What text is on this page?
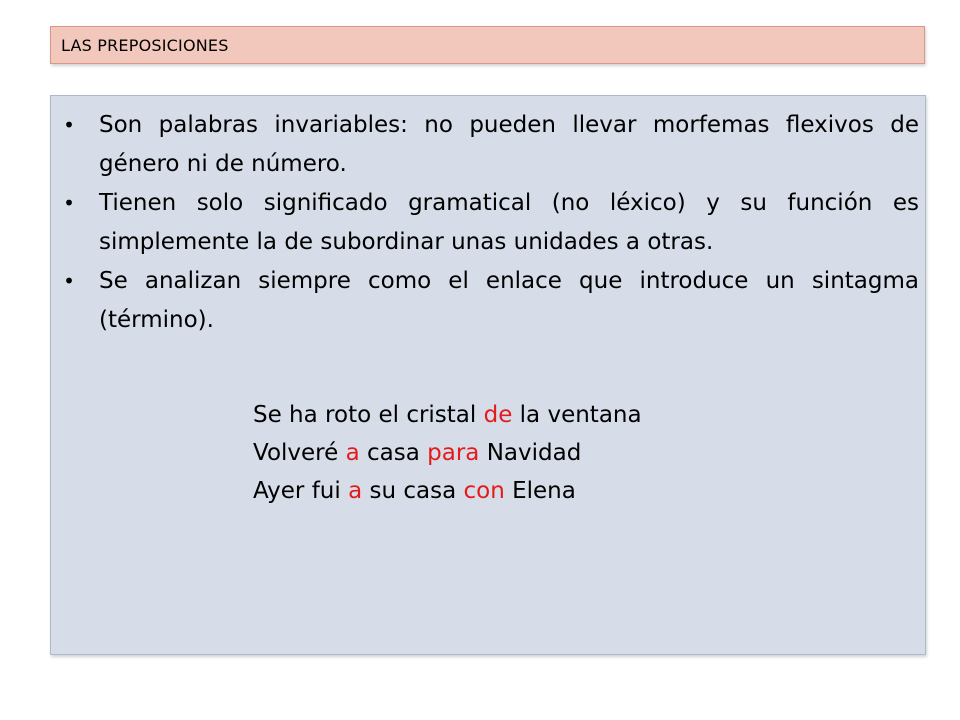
LAS PREPOSICIONES
• Son palabras invariables: no pueden llevar morfemas flexivos de género ni de número.
• Tienen solo significado gramatical (no léxico) y su función es simplemente la de subordinar unas unidades a otras.
• Se analizan siempre como el enlace que introduce un sintagma (término).
Se ha roto el cristal de la ventana
Volveré a casa para Navidad
Ayer fui a su casa con Elena
